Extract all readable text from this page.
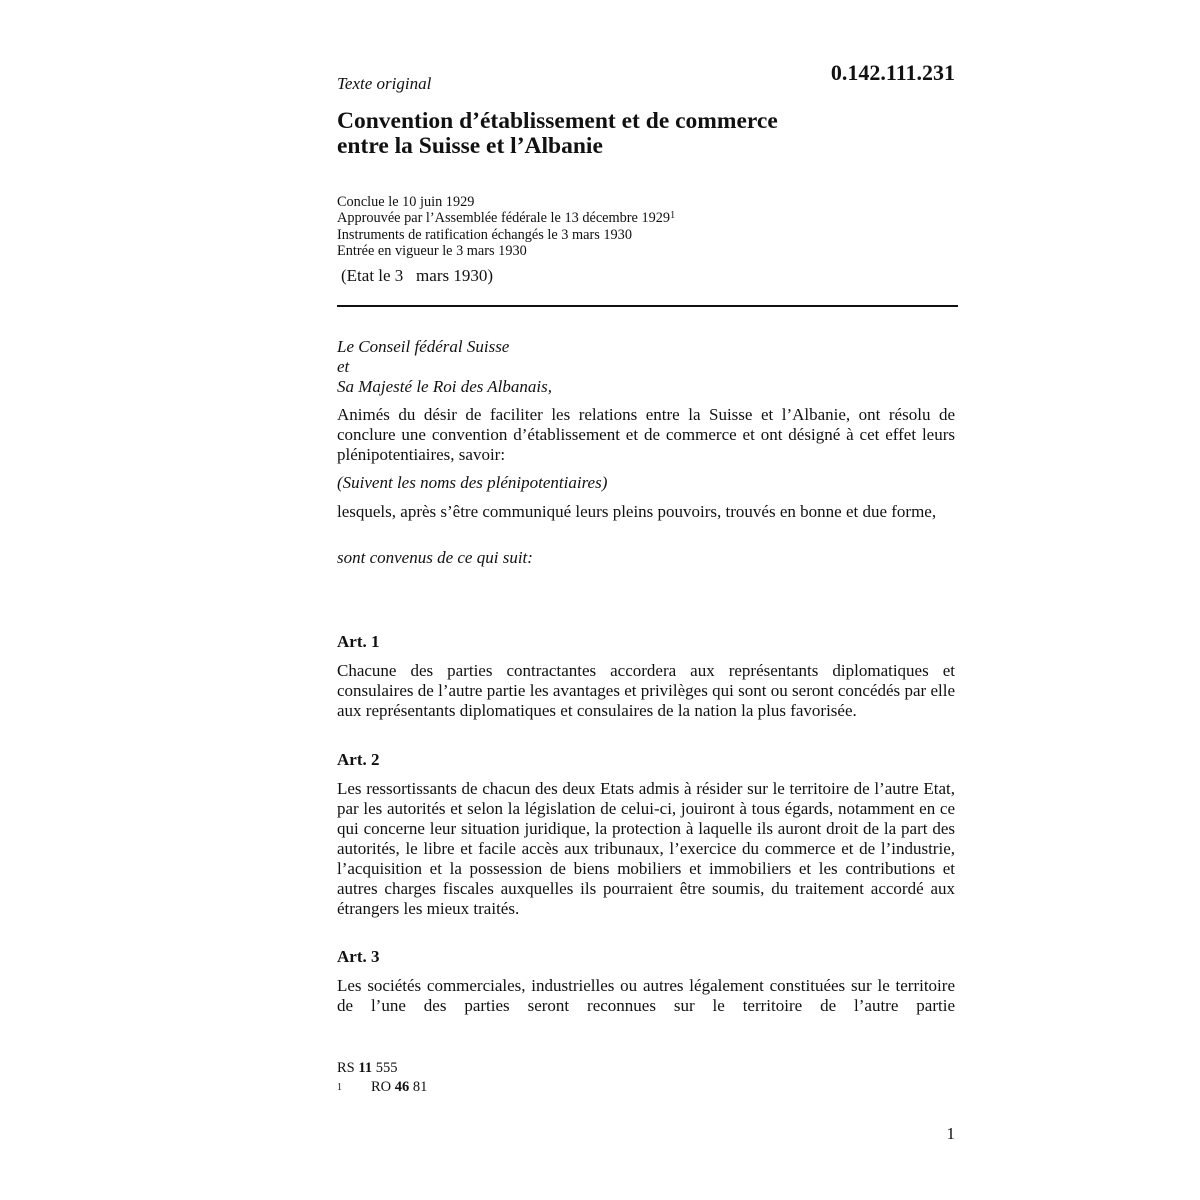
0.142.111.231
Texte original
Convention d’établissement et de commerce
entre la Suisse et l’Albanie
Conclue le 10 juin 1929
Approuvée par l’Assemblée fédérale le 13 décembre 1929$^1$
Instruments de ratification échangés le 3 mars 1930
Entrée en vigueur le 3 mars 1930
(Etat le 3   mars 1930)
Le Conseil fédéral Suisse
et
Sa Majesté le Roi des Albanais,
Animés du désir de faciliter les relations entre la Suisse et l’Albanie, ont résolu de conclure une convention d’établissement et de commerce et ont désigné à cet effet leurs plénipotentiaires, savoir:
(Suivent les noms des plénipotentiaires)
lesquels, après s’être communiqué leurs pleins pouvoirs, trouvés en bonne et due forme,
sont convenus de ce qui suit:
Art. 1
Chacune des parties contractantes accordera aux représentants diplomatiques et consulaires de l’autre partie les avantages et privilèges qui sont ou seront concédés par elle aux représentants diplomatiques et consulaires de la nation la plus favorisée.
Art. 2
Les ressortissants de chacun des deux Etats admis à résider sur le territoire de l’autre Etat, par les autorités et selon la législation de celui-ci, jouiront à tous égards, notamment en ce qui concerne leur situation juridique, la protection à laquelle ils auront droit de la part des autorités, le libre et facile accès aux tribunaux, l’exercice du commerce et de l’industrie, l’acquisition et la possession de biens mobiliers et immobiliers et les contributions et autres charges fiscales auxquelles ils pourraient être soumis, du traitement accordé aux étrangers les mieux traités.
Art. 3
Les sociétés commerciales, industrielles ou autres légalement constituées sur le territoire de l’une des parties seront reconnues sur le territoire de l’autre partie
RS 11 555
1 RO 46 81
1
